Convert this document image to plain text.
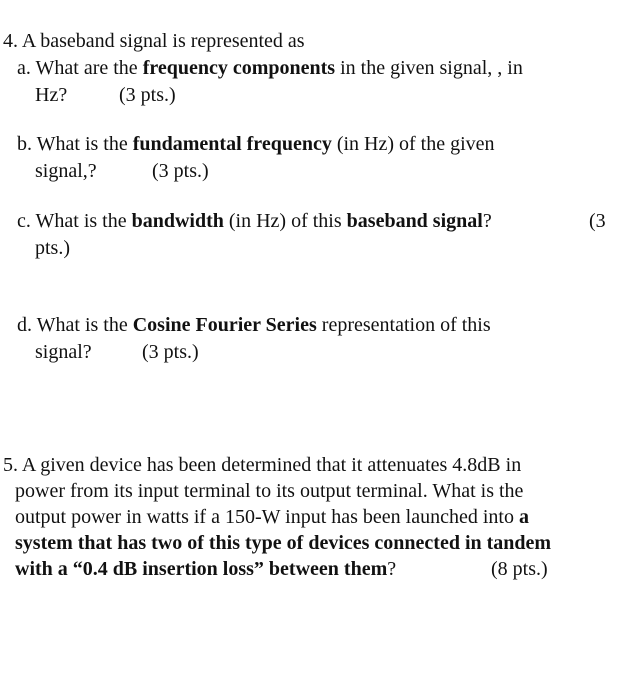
4. A baseband signal is represented as
a. What are the frequency components in the given signal, , in
Hz?	(3 pts.)
b. What is the fundamental frequency (in Hz) of the given
signal,?	(3 pts.)
c. What is the bandwidth (in Hz) of this baseband signal?	(3
pts.)
d. What is the Cosine Fourier Series representation of this
signal?	(3 pts.)
5. A given device has been determined that it attenuates 4.8dB in
power from its input terminal to its output terminal. What is the
output power in watts if a 150-W input has been launched into a
system that has two of this type of devices connected in tandem
with a “0.4 dB insertion loss” between them?	(8 pts.)
